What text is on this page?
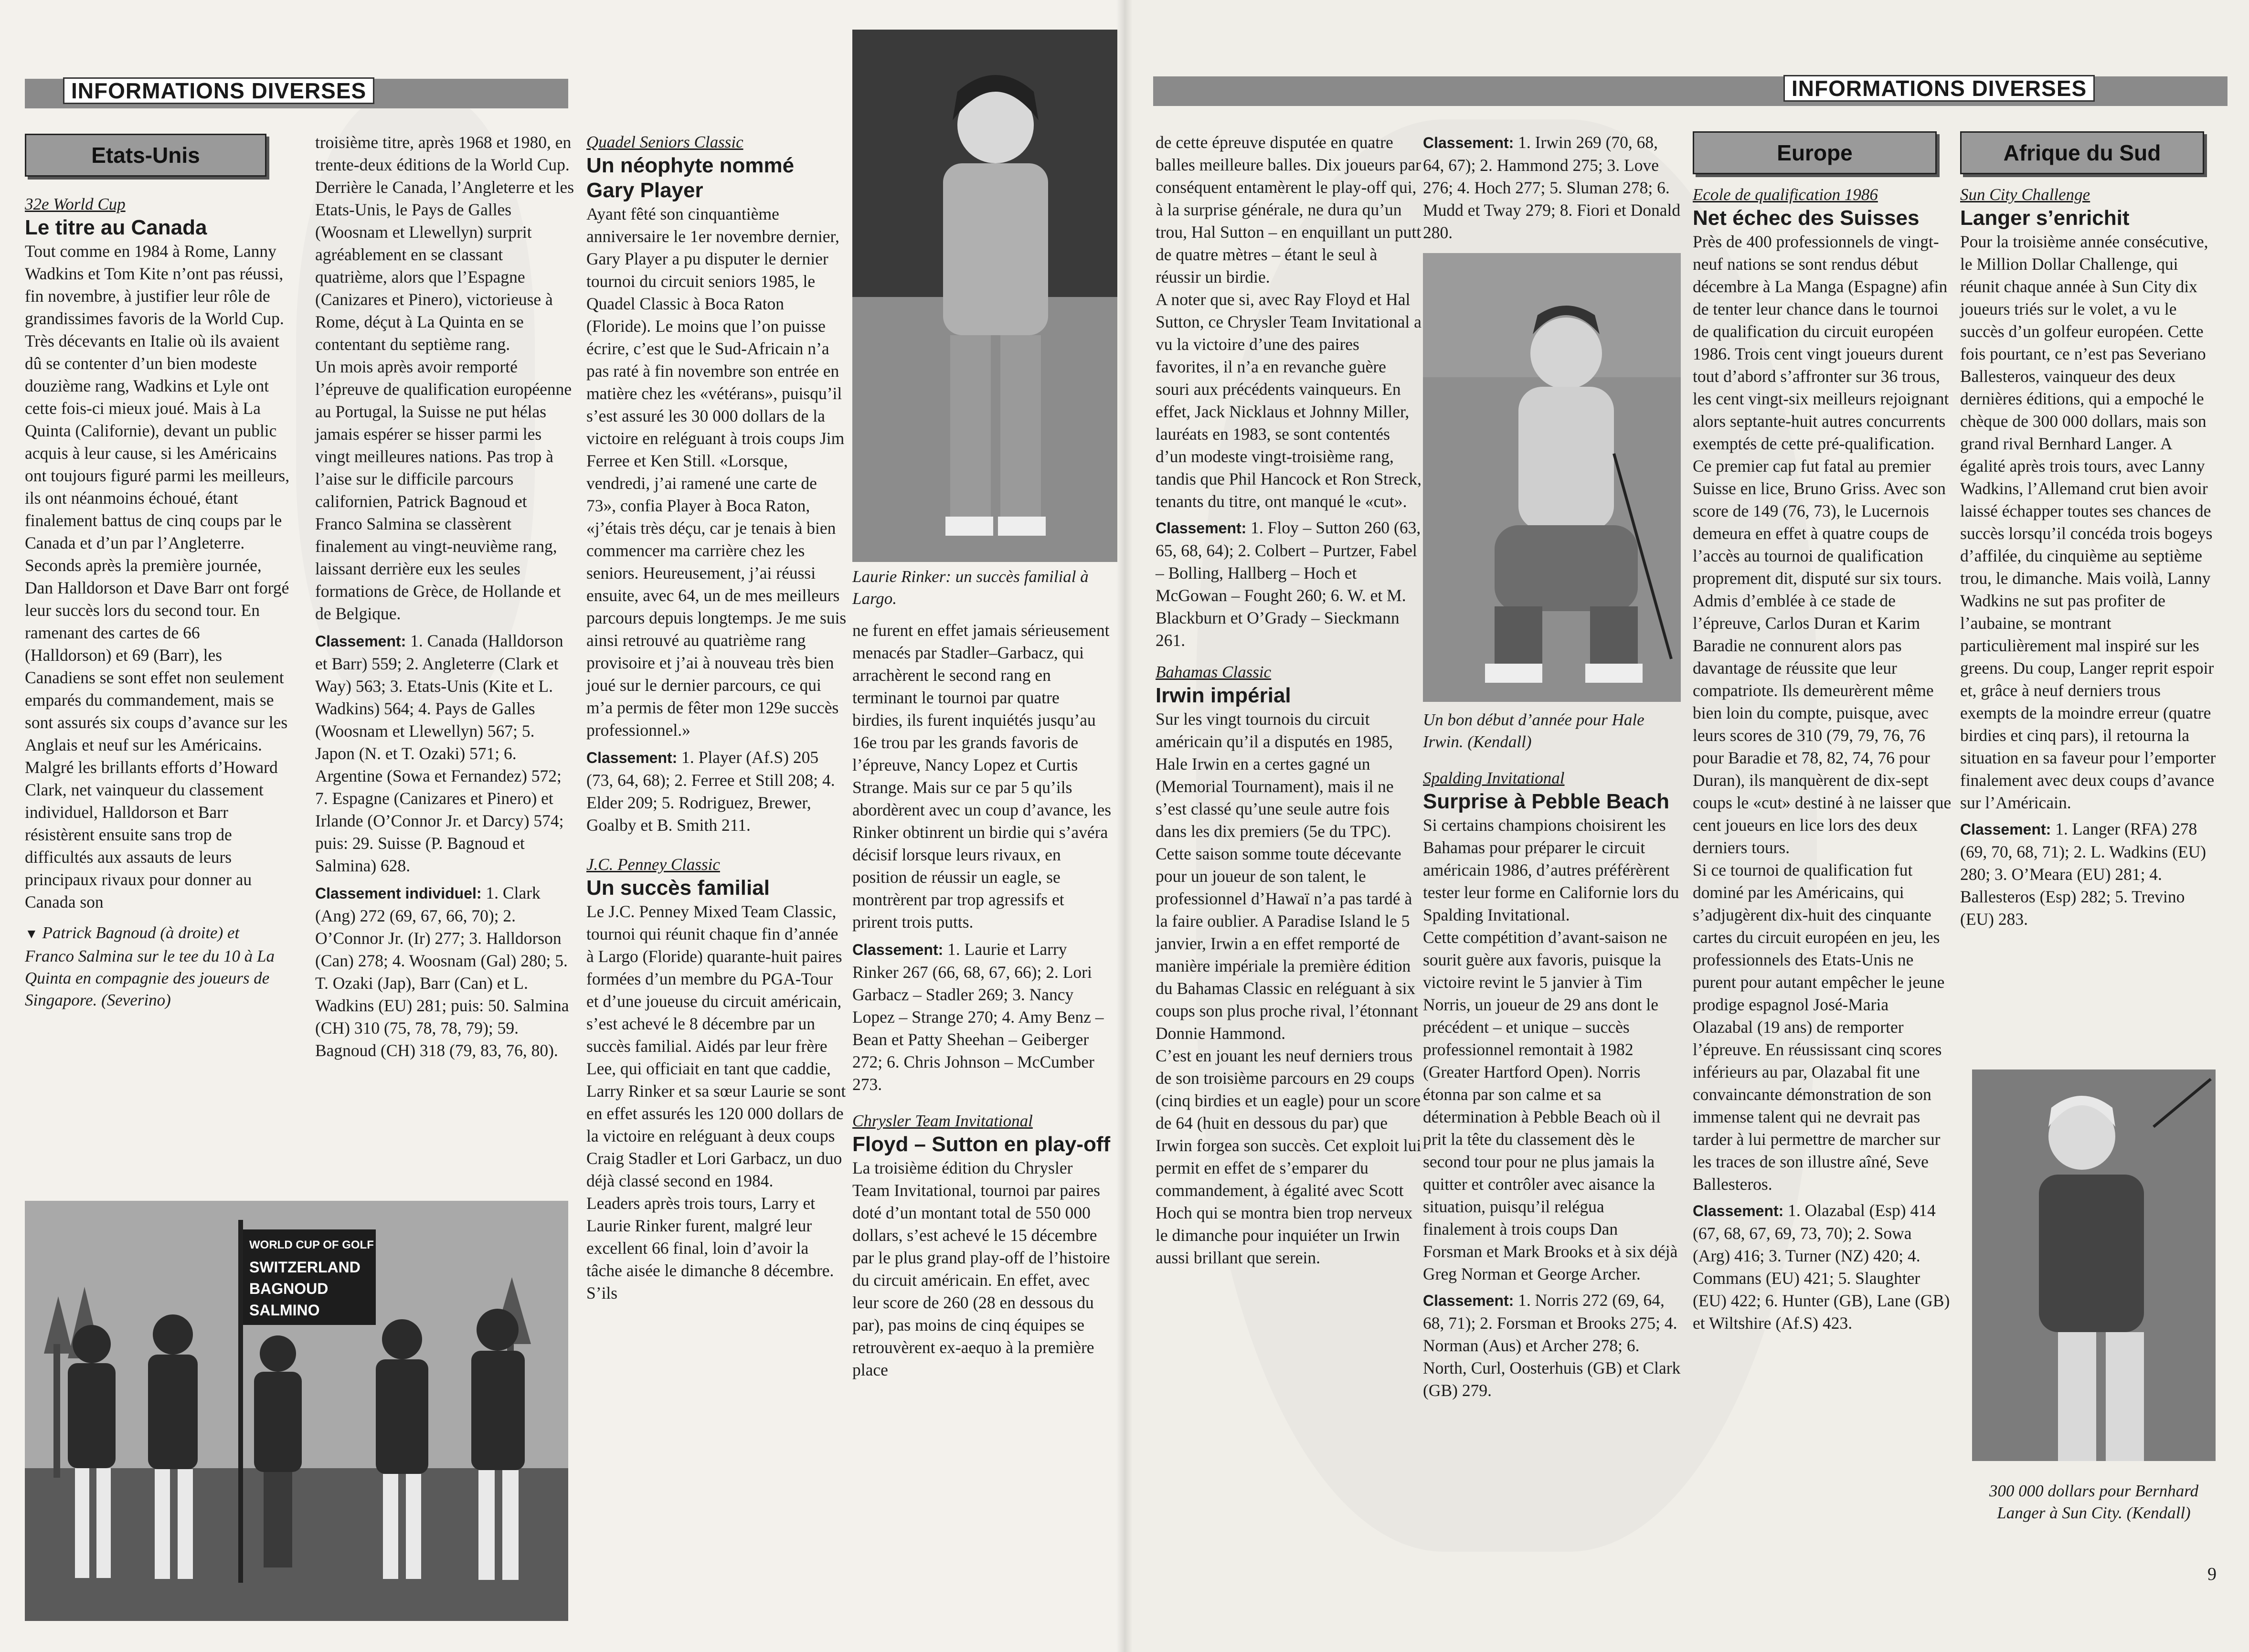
INFORMATIONS DIVERSES
Etats-Unis

32e World Cup

Le titre au Canada

Tout comme en 1984 à Rome, Lanny Wadkins et Tom Kite n’ont pas réussi, fin novembre, à justifier leur rôle de grandissimes favoris de la World Cup. Très décevants en Italie où ils avaient dû se contenter d’un bien modeste douzième rang, Wadkins et Lyle ont cette fois-ci mieux joué. Mais à La Quinta (Californie), devant un public acquis à leur cause, si les Américains ont toujours figuré parmi les meilleurs, ils ont néanmoins échoué, étant finalement battus de cinq coups par le Canada et d’un par l’Angleterre.

Seconds après la première journée, Dan Halldorson et Dave Barr ont forgé leur succès lors du second tour. En ramenant des cartes de 66 (Halldorson) et 69 (Barr), les Canadiens se sont effet non seulement emparés du commandement, mais se sont assurés six coups d’avance sur les Anglais et neuf sur les Américains. Malgré les brillants efforts d’Howard Clark, net vainqueur du classement individuel, Halldorson et Barr résistèrent ensuite sans trop de difficultés aux assauts de leurs principaux rivaux pour donner au Canada son

▼ Patrick Bagnoud (à droite) et Franco Salmina sur le tee du 10 à La Quinta en compagnie des joueurs de Singapore. (Severino)

troisième titre, après 1968 et 1980, en trente-deux éditions de la World Cup. Derrière le Canada, l’Angleterre et les Etats-Unis, le Pays de Galles (Woosnam et Llewellyn) surprit agréablement en se classant quatrième, alors que l’Espagne (Canizares et Pinero), victorieuse à Rome, déçut à La Quinta en se contentant du septième rang.

Un mois après avoir remporté l’épreuve de qualification européenne au Portugal, la Suisse ne put hélas jamais espérer se hisser parmi les vingt meilleures nations. Pas trop à l’aise sur le difficile parcours californien, Patrick Bagnoud et Franco Salmina se classèrent finalement au vingt-neuvième rang, laissant derrière eux les seules formations de Grèce, de Hollande et de Belgique.

Classement: 1. Canada (Halldorson et Barr) 559; 2. Angleterre (Clark et Way) 563; 3. Etats-Unis (Kite et L. Wadkins) 564; 4. Pays de Galles (Woosnam et Llewellyn) 567; 5. Japon (N. et T. Ozaki) 571; 6. Argentine (Sowa et Fernandez) 572; 7. Espagne (Canizares et Pinero) et Irlande (O’Connor Jr. et Darcy) 574; puis: 29. Suisse (P. Bagnoud et Salmina) 628.

Classement individuel: 1. Clark (Ang) 272 (69, 67, 66, 70); 2. O’Connor Jr. (Ir) 277; 3. Halldorson (Can) 278; 4. Woosnam (Gal) 280; 5. T. Ozaki (Jap), Barr (Can) et L. Wadkins (EU) 281; puis: 50. Salmina (CH) 310 (75, 78, 78, 79); 59. Bagnoud (CH) 318 (79, 83, 76, 80).

WORLD CUP OF GOLF
SWITZERLAND
BAGNOUD
SALMINO

Quadel Seniors Classic

Un néophyte nommé Gary Player

Ayant fêté son cinquantième anniversaire le 1er novembre dernier, Gary Player a pu disputer le dernier tournoi du circuit seniors 1985, le Quadel Classic à Boca Raton (Floride). Le moins que l’on puisse écrire, c’est que le Sud-Africain n’a pas raté à fin novembre son entrée en matière chez les «vétérans», puisqu’il s’est assuré les 30 000 dollars de la victoire en reléguant à trois coups Jim Ferree et Ken Still. «Lorsque, vendredi, j’ai ramené une carte de 73», confia Player à Boca Raton, «j’étais très déçu, car je tenais à bien commencer ma carrière chez les seniors. Heureusement, j’ai réussi ensuite, avec 64, un de mes meilleurs parcours depuis longtemps. Je me suis ainsi retrouvé au quatrième rang provisoire et j’ai à nouveau très bien joué sur le dernier parcours, ce qui m’a permis de fêter mon 129e succès professionnel.»

Classement: 1. Player (Af.S) 205 (73, 64, 68); 2. Ferree et Still 208; 4. Elder 209; 5. Rodriguez, Brewer, Goalby et B. Smith 211.

J.C. Penney Classic

Un succès familial

Le J.C. Penney Mixed Team Classic, tournoi qui réunit chaque fin d’année à Largo (Floride) quarante-huit paires formées d’un membre du PGA-Tour et d’une joueuse du circuit américain, s’est achevé le 8 décembre par un succès familial. Aidés par leur frère Lee, qui officiait en tant que caddie, Larry Rinker et sa sœur Laurie se sont en effet assurés les 120 000 dollars de la victoire en reléguant à deux coups Craig Stadler et Lori Garbacz, un duo déjà classé second en 1984.

Leaders après trois tours, Larry et Laurie Rinker furent, malgré leur excellent 66 final, loin d’avoir la tâche aisée le dimanche 8 décembre. S’ils

Laurie Rinker: un succès familial à Largo.

ne furent en effet jamais sérieusement menacés par Stadler–Garbacz, qui arrachèrent le second rang en terminant le tournoi par quatre birdies, ils furent inquiétés jusqu’au 16e trou par les grands favoris de l’épreuve, Nancy Lopez et Curtis Strange. Mais sur ce par 5 qu’ils abordèrent avec un coup d’avance, les Rinker obtinrent un birdie qui s’avéra décisif lorsque leurs rivaux, en position de réussir un eagle, se montrèrent par trop agressifs et prirent trois putts.

Classement: 1. Laurie et Larry Rinker 267 (66, 68, 67, 66); 2. Lori Garbacz – Stadler 269; 3. Nancy Lopez – Strange 270; 4. Amy Benz – Bean et Patty Sheehan – Geiberger 272; 6. Chris Johnson – McCumber 273.

Chrysler Team Invitational

Floyd – Sutton en play-off

La troisième édition du Chrysler Team Invitational, tournoi par paires doté d’un montant total de 550 000 dollars, s’est achevé le 15 décembre par le plus grand play-off de l’histoire du circuit américain. En effet, avec leur score de 260 (28 en dessous du par), pas moins de cinq équipes se retrouvèrent ex-aequo à la première place

INFORMATIONS DIVERSES

de cette épreuve disputée en quatre balles meilleure balles. Dix joueurs par conséquent entamèrent le play-off qui, à la surprise générale, ne dura qu’un trou, Hal Sutton – en enquillant un putt de quatre mètres – étant le seul à réussir un birdie.

A noter que si, avec Ray Floyd et Hal Sutton, ce Chrysler Team Invitational a vu la victoire d’une des paires favorites, il n’a en revanche guère souri aux précédents vainqueurs. En effet, Jack Nicklaus et Johnny Miller, lauréats en 1983, se sont contentés d’un modeste vingt-troisième rang, tandis que Phil Hancock et Ron Streck, tenants du titre, ont manqué le «cut».

Classement: 1. Floy – Sutton 260 (63, 65, 68, 64); 2. Colbert – Purtzer, Fabel – Bolling, Hallberg – Hoch et McGowan – Fought 260; 6. W. et M. Blackburn et O’Grady – Sieckmann 261.

Bahamas Classic

Irwin impérial

Sur les vingt tournois du circuit américain qu’il a disputés en 1985, Hale Irwin en a certes gagné un (Memorial Tournament), mais il ne s’est classé qu’une seule autre fois dans les dix premiers (5e du TPC). Cette saison somme toute décevante pour un joueur de son talent, le professionnel d’Hawaï n’a pas tardé à la faire oublier. A Paradise Island le 5 janvier, Irwin a en effet remporté de manière impériale la première édition du Bahamas Classic en reléguant à six coups son plus proche rival, l’étonnant Donnie Hammond.

C’est en jouant les neuf derniers trous de son troisième parcours en 29 coups (cinq birdies et un eagle) pour un score de 64 (huit en dessous du par) que Irwin forgea son succès. Cet exploit lui permit en effet de s’emparer du commandement, à égalité avec Scott Hoch qui se montra bien trop nerveux le dimanche pour inquiéter un Irwin aussi brillant que serein.

Classement: 1. Irwin 269 (70, 68, 64, 67); 2. Hammond 275; 3. Love 276; 4. Hoch 277; 5. Sluman 278; 6. Mudd et Tway 279; 8. Fiori et Donald 280.

Un bon début d’année pour Hale Irwin. (Kendall)

Spalding Invitational

Surprise à Pebble Beach

Si certains champions choisirent les Bahamas pour préparer le circuit américain 1986, d’autres préférèrent tester leur forme en Californie lors du Spalding Invitational.

Cette compétition d’avant-saison ne sourit guère aux favoris, puisque la victoire revint le 5 janvier à Tim Norris, un joueur de 29 ans dont le précédent – et unique – succès professionnel remontait à 1982 (Greater Hartford Open). Norris étonna par son calme et sa détermination à Pebble Beach où il prit la tête du classement dès le second tour pour ne plus jamais la quitter et contrôler avec aisance la situation, puisqu’il relégua finalement à trois coups Dan Forsman et Mark Brooks et à six déjà Greg Norman et George Archer.

Classement: 1. Norris 272 (69, 64, 68, 71); 2. Forsman et Brooks 275; 4. Norman (Aus) et Archer 278; 6. North, Curl, Oosterhuis (GB) et Clark (GB) 279.

Europe

Ecole de qualification 1986

Net échec des Suisses

Près de 400 professionnels de vingt-neuf nations se sont rendus début décembre à La Manga (Espagne) afin de tenter leur chance dans le tournoi de qualification du circuit européen 1986. Trois cent vingt joueurs durent tout d’abord s’affronter sur 36 trous, les cent vingt-six meilleurs rejoignant alors septante-huit autres concurrents exemptés de cette pré-qualification. Ce premier cap fut fatal au premier Suisse en lice, Bruno Griss. Avec son score de 149 (76, 73), le Lucernois demeura en effet à quatre coups de l’accès au tournoi de qualification proprement dit, disputé sur six tours. Admis d’emblée à ce stade de l’épreuve, Carlos Duran et Karim Baradie ne connurent alors pas davantage de réussite que leur compatriote. Ils demeurèrent même bien loin du compte, puisque, avec leurs scores de 310 (79, 79, 76, 76 pour Baradie et 78, 82, 74, 76 pour Duran), ils manquèrent de dix-sept coups le «cut» destiné à ne laisser que cent joueurs en lice lors des deux derniers tours.

Si ce tournoi de qualification fut dominé par les Américains, qui s’adjugèrent dix-huit des cinquante cartes du circuit européen en jeu, les professionnels des Etats-Unis ne purent pour autant empêcher le jeune prodige espagnol José-Maria Olazabal (19 ans) de remporter l’épreuve. En réussissant cinq scores inférieurs au par, Olazabal fit une convaincante démonstration de son immense talent qui ne devrait pas tarder à lui permettre de marcher sur les traces de son illustre aîné, Seve Ballesteros.

Classement: 1. Olazabal (Esp) 414 (67, 68, 67, 69, 73, 70); 2. Sowa (Arg) 416; 3. Turner (NZ) 420; 4. Commans (EU) 421; 5. Slaughter (EU) 422; 6. Hunter (GB), Lane (GB) et Wiltshire (Af.S) 423.

Afrique du Sud

Sun City Challenge

Langer s’enrichit

Pour la troisième année consécutive, le Million Dollar Challenge, qui réunit chaque année à Sun City dix joueurs triés sur le volet, a vu le succès d’un golfeur européen. Cette fois pourtant, ce n’est pas Severiano Ballesteros, vainqueur des deux dernières éditions, qui a empoché le chèque de 300 000 dollars, mais son grand rival Bernhard Langer. A égalité après trois tours, avec Lanny Wadkins, l’Allemand crut bien avoir laissé échapper toutes ses chances de succès lorsqu’il concéda trois bogeys d’affilée, du cinquième au septième trou, le dimanche. Mais voilà, Lanny Wadkins ne sut pas profiter de l’aubaine, se montrant particulièrement mal inspiré sur les greens. Du coup, Langer reprit espoir et, grâce à neuf derniers trous exempts de la moindre erreur (quatre birdies et cinq pars), il retourna la situation en sa faveur pour l’emporter finalement avec deux coups d’avance sur l’Américain.

Classement: 1. Langer (RFA) 278 (69, 70, 68, 71); 2. L. Wadkins (EU) 280; 3. O’Meara (EU) 281; 4. Ballesteros (Esp) 282; 5. Trevino (EU) 283.

300 000 dollars pour Bernhard Langer à Sun City. (Kendall)

9
